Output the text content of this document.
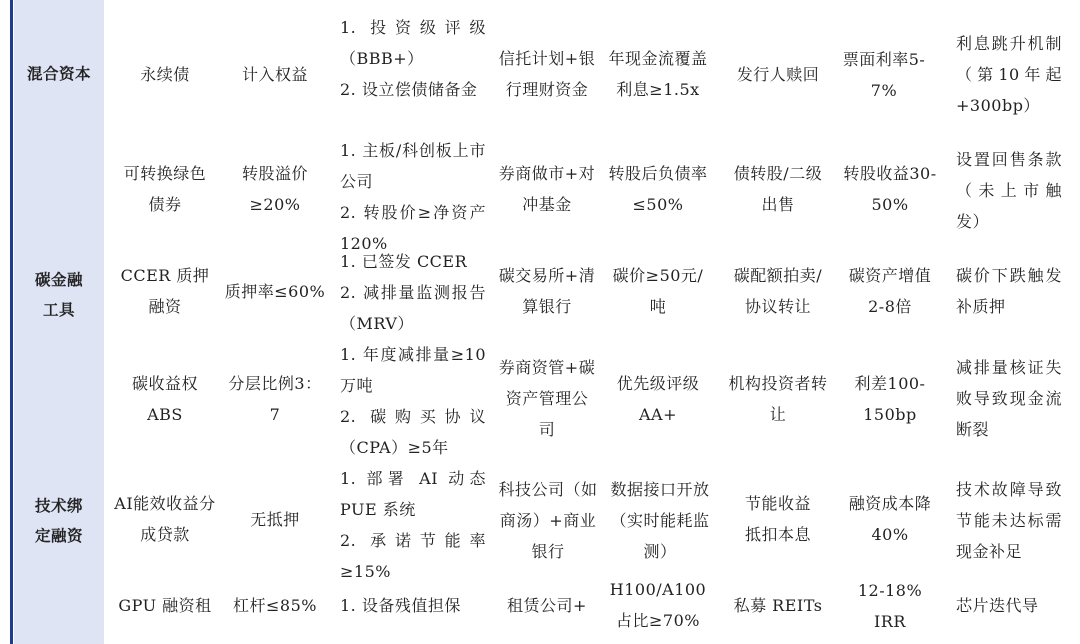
混合资本
碳金融工具
技术绑定融资
永续债	计入权益
1. 投资级评级（BBB+）
2. 设立偿债储备金
信托计划+银行理财资金
年现金流覆盖利息≥1.5x
发行人赎回
票面利率5-7%
利息跳升机制（第10年起+300bp）
可转换绿色债券
转股溢价≥20%
1. 主板/科创板上市公司
2. 转股价≥净资产120%
券商做市+对冲基金
转股后负债率≤50%
债转股/二级出售
转股收益30-50%
设置回售条款（未上市触发）
CCER 质押融资
质押率≤60%
1. 已签发 CCER
2. 减排量监测报告（MRV）
碳交易所+清算银行
碳价≥50元/吨
碳配额拍卖/协议转让
碳资产增值2-8倍
碳价下跌触发补质押
碳收益权ABS
分层比例3：7
1. 年度减排量≥10万吨
2. 碳购买协议（CPA）≥5年
券商资管+碳资产管理公司
优先级评级AA+
机构投资者转让
利差100-150bp
减排量核证失败导致现金流断裂
AI能效收益分成贷款
无抵押
1. 部署 AI 动态 PUE 系统
2. 承诺节能率≥15%
科技公司（如商汤）+商业银行
数据接口开放（实时能耗监测）
节能收益抵扣本息
融资成本降40%
技术故障导致节能未达标需现金补足
GPU 融资租 杠杆≤85% 1. 设备残值担保	租赁公司+
H100/A100占比≥70%
私募 REITs
12-18% IRR
芯片迭代导
